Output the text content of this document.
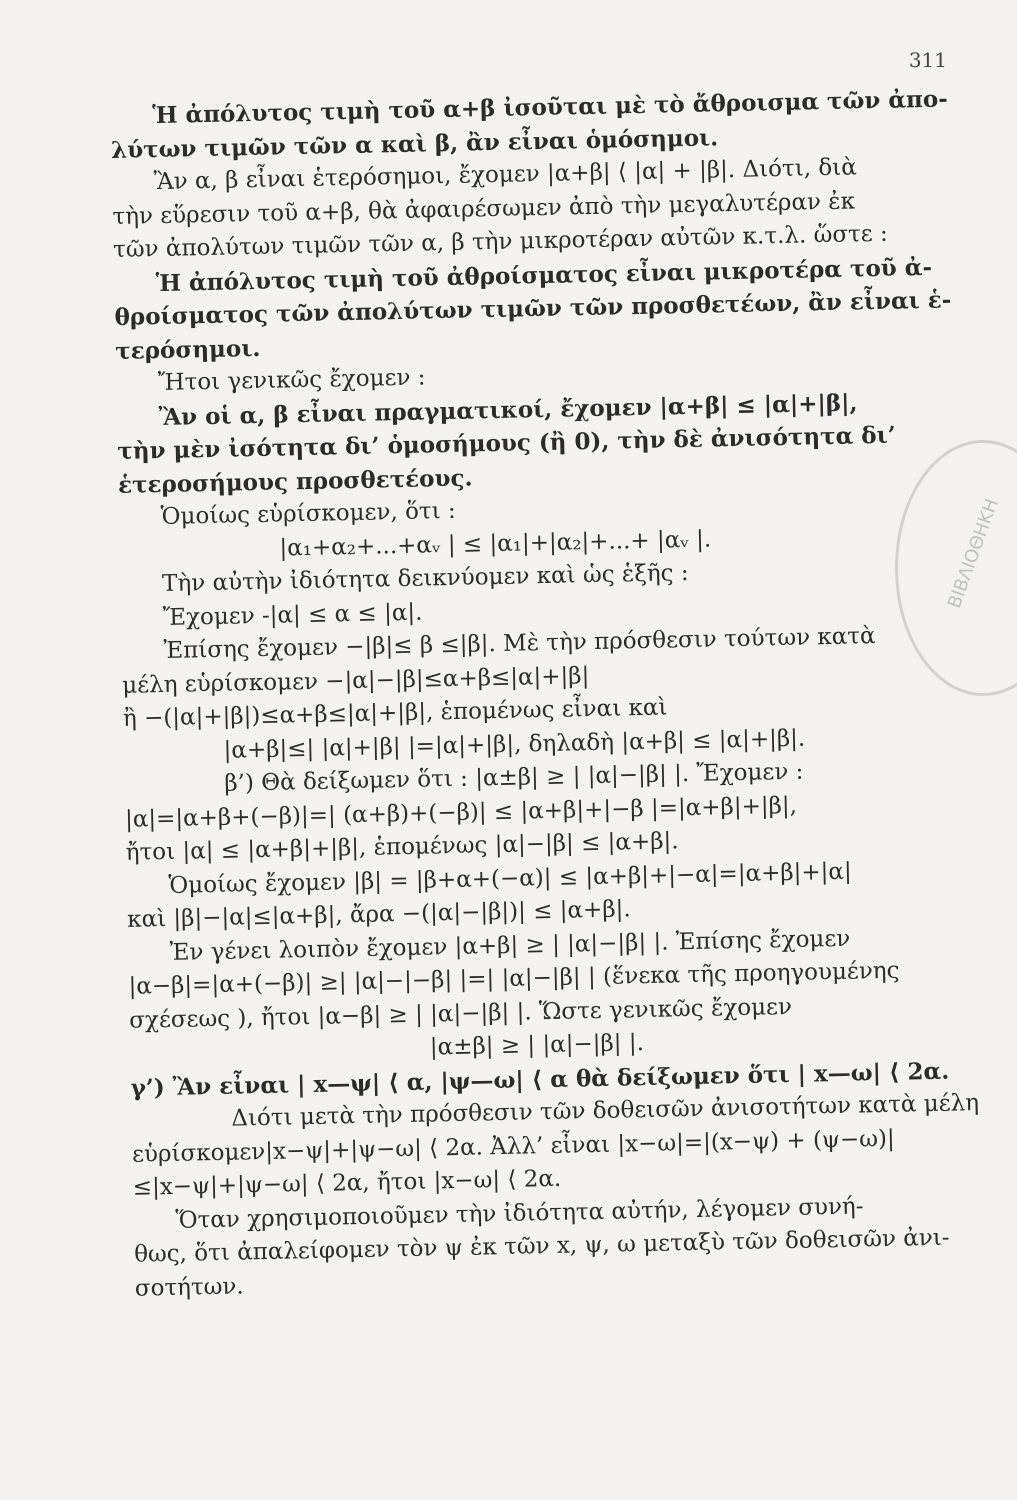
311
Ἡ ἀπόλυτος τιμὴ τοῦ α+β ἰσοῦται μὲ τὸ ἄθροισμα τῶν ἀπο-
λύτων τιμῶν τῶν α καὶ β, ἂν εἶναι ὁμόσημοι.
Ἂν α, β εἶναι ἑτερόσημοι, ἔχομεν |α+β| ⟨ |α| + |β|. Διότι, διὰ
τὴν εὕρεσιν τοῦ α+β, θὰ ἀφαιρέσωμεν ἀπὸ τὴν μεγαλυτέραν ἐκ
τῶν ἀπολύτων τιμῶν τῶν α, β τὴν μικροτέραν αὐτῶν κ.τ.λ. ὥστε :
Ἡ ἀπόλυτος τιμὴ τοῦ ἀθροίσματος εἶναι μικροτέρα τοῦ ἀ-
θροίσματος τῶν ἀπολύτων τιμῶν τῶν προσθετέων, ἂν εἶναι ἑ-
τερόσημοι.
Ἤτοι γενικῶς ἔχομεν :
Ἂν οἱ α, β εἶναι πραγματικοί, ἔχομεν |α+β| ≤ |α|+|β|,
τὴν μὲν ἰσότητα δι’ ὁμοσήμους (ἢ 0), τὴν δὲ ἀνισότητα δι’
ἑτεροσήμους προσθετέους.
Ὁμοίως εὑρίσκομεν, ὅτι :
|α₁+α₂+...+αᵥ | ≤ |α₁|+|α₂|+...+ |αᵥ |.
Τὴν αὐτὴν ἰδιότητα δεικνύομεν καὶ ὡς ἑξῆς :
Ἔχομεν -|α| ≤ α ≤ |α|.
Ἐπίσης ἔχομεν −|β|≤ β ≤|β|. Μὲ τὴν πρόσθεσιν τούτων κατὰ
μέλη εὑρίσκομεν −|α|−|β|≤α+β≤|α|+|β|
ἢ −(|α|+|β|)≤α+β≤|α|+|β|, ἑπομένως εἶναι καὶ
|α+β|≤| |α|+|β| |=|α|+|β|, δηλαδὴ |α+β| ≤ |α|+|β|.
β’) Θὰ δείξωμεν ὅτι : |α±β| ≥ | |α|−|β| |. Ἔχομεν :
|α|=|α+β+(−β)|=| (α+β)+(−β)| ≤ |α+β|+|−β |=|α+β|+|β|,
ἤτοι |α| ≤ |α+β|+|β|, ἑπομένως |α|−|β| ≤ |α+β|.
Ὁμοίως ἔχομεν |β| = |β+α+(−α)| ≤ |α+β|+|−α|=|α+β|+|α|
καὶ |β|−|α|≤|α+β|, ἄρα −(|α|−|β|)| ≤ |α+β|.
Ἐν γένει λοιπὸν ἔχομεν |α+β| ≥ | |α|−|β| |. Ἐπίσης ἔχομεν
|α−β|=|α+(−β)| ≥| |α|−|−β| |=| |α|−|β| | (ἕνεκα τῆς προηγουμένης
σχέσεως ), ἤτοι |α−β| ≥ | |α|−|β| |. Ὥστε γενικῶς ἔχομεν
|α±β| ≥ | |α|−|β| |.
γ’) Ἂν εἶναι | x—ψ| ⟨ α, |ψ—ω| ⟨ α θὰ δείξωμεν ὅτι | x—ω| ⟨ 2α.
Διότι μετὰ τὴν πρόσθεσιν τῶν δοθεισῶν ἀνισοτήτων κατὰ μέλη
εὑρίσκομεν|x−ψ|+|ψ−ω| ⟨ 2α. Ἀλλ’ εἶναι |x−ω|=|(x−ψ) + (ψ−ω)|
≤|x−ψ|+|ψ−ω| ⟨ 2α, ἤτοι |x−ω| ⟨ 2α.
Ὅταν χρησιμοποιοῦμεν τὴν ἰδιότητα αὐτήν, λέγομεν συνή-
θως, ὅτι ἀπαλείφομεν τὸν ψ ἐκ τῶν x, ψ, ω μεταξὺ τῶν δοθεισῶν ἀνι-
σοτήτων.
ΒΙΒΛΙΟΘΗΚΗ
